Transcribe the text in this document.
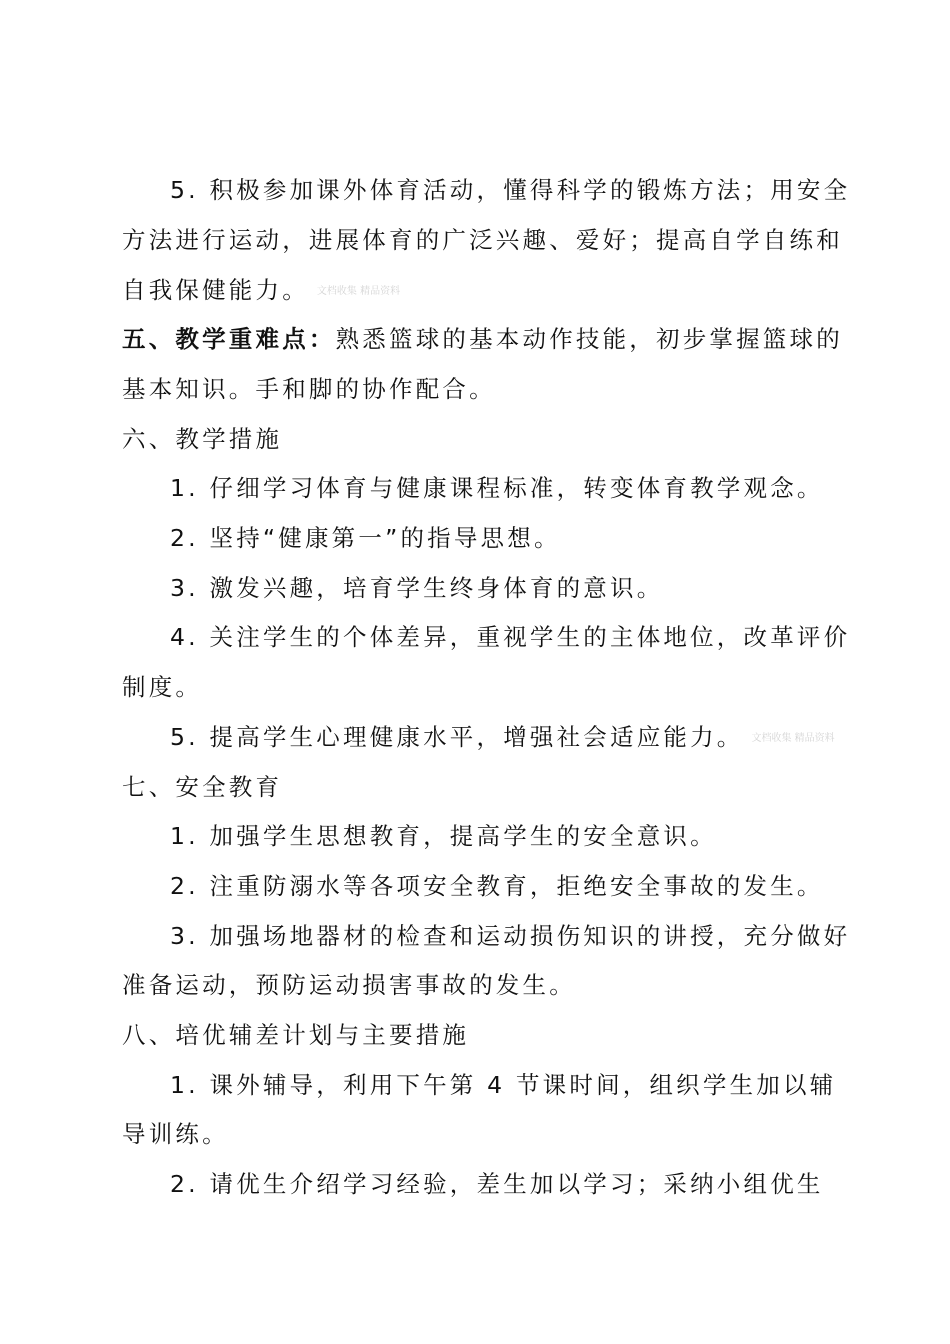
5. 积极参加课外体育活动，懂得科学的锻炼方法；用安全
方法进行运动，进展体育的广泛兴趣、爱好；提高自学自练和
自我保健能力。 文档收集 精品资料
五、教学重难点：熟悉篮球的基本动作技能，初步掌握篮球的
基本知识。手和脚的协作配合。
六、教学措施
1. 仔细学习体育与健康课程标准，转变体育教学观念。
2. 坚持“健康第一”的指导思想。
3. 激发兴趣，培育学生终身体育的意识。
4. 关注学生的个体差异，重视学生的主体地位，改革评价
制度。
5. 提高学生心理健康水平，增强社会适应能力。 文档收集 精品资料
七、安全教育
1. 加强学生思想教育，提高学生的安全意识。
2. 注重防溺水等各项安全教育，拒绝安全事故的发生。
3. 加强场地器材的检查和运动损伤知识的讲授，充分做好
准备运动，预防运动损害事故的发生。
八、培优辅差计划与主要措施
1. 课外辅导，利用下午第 4 节课时间，组织学生加以辅
导训练。
2. 请优生介绍学习经验，差生加以学习；采纳小组优生
